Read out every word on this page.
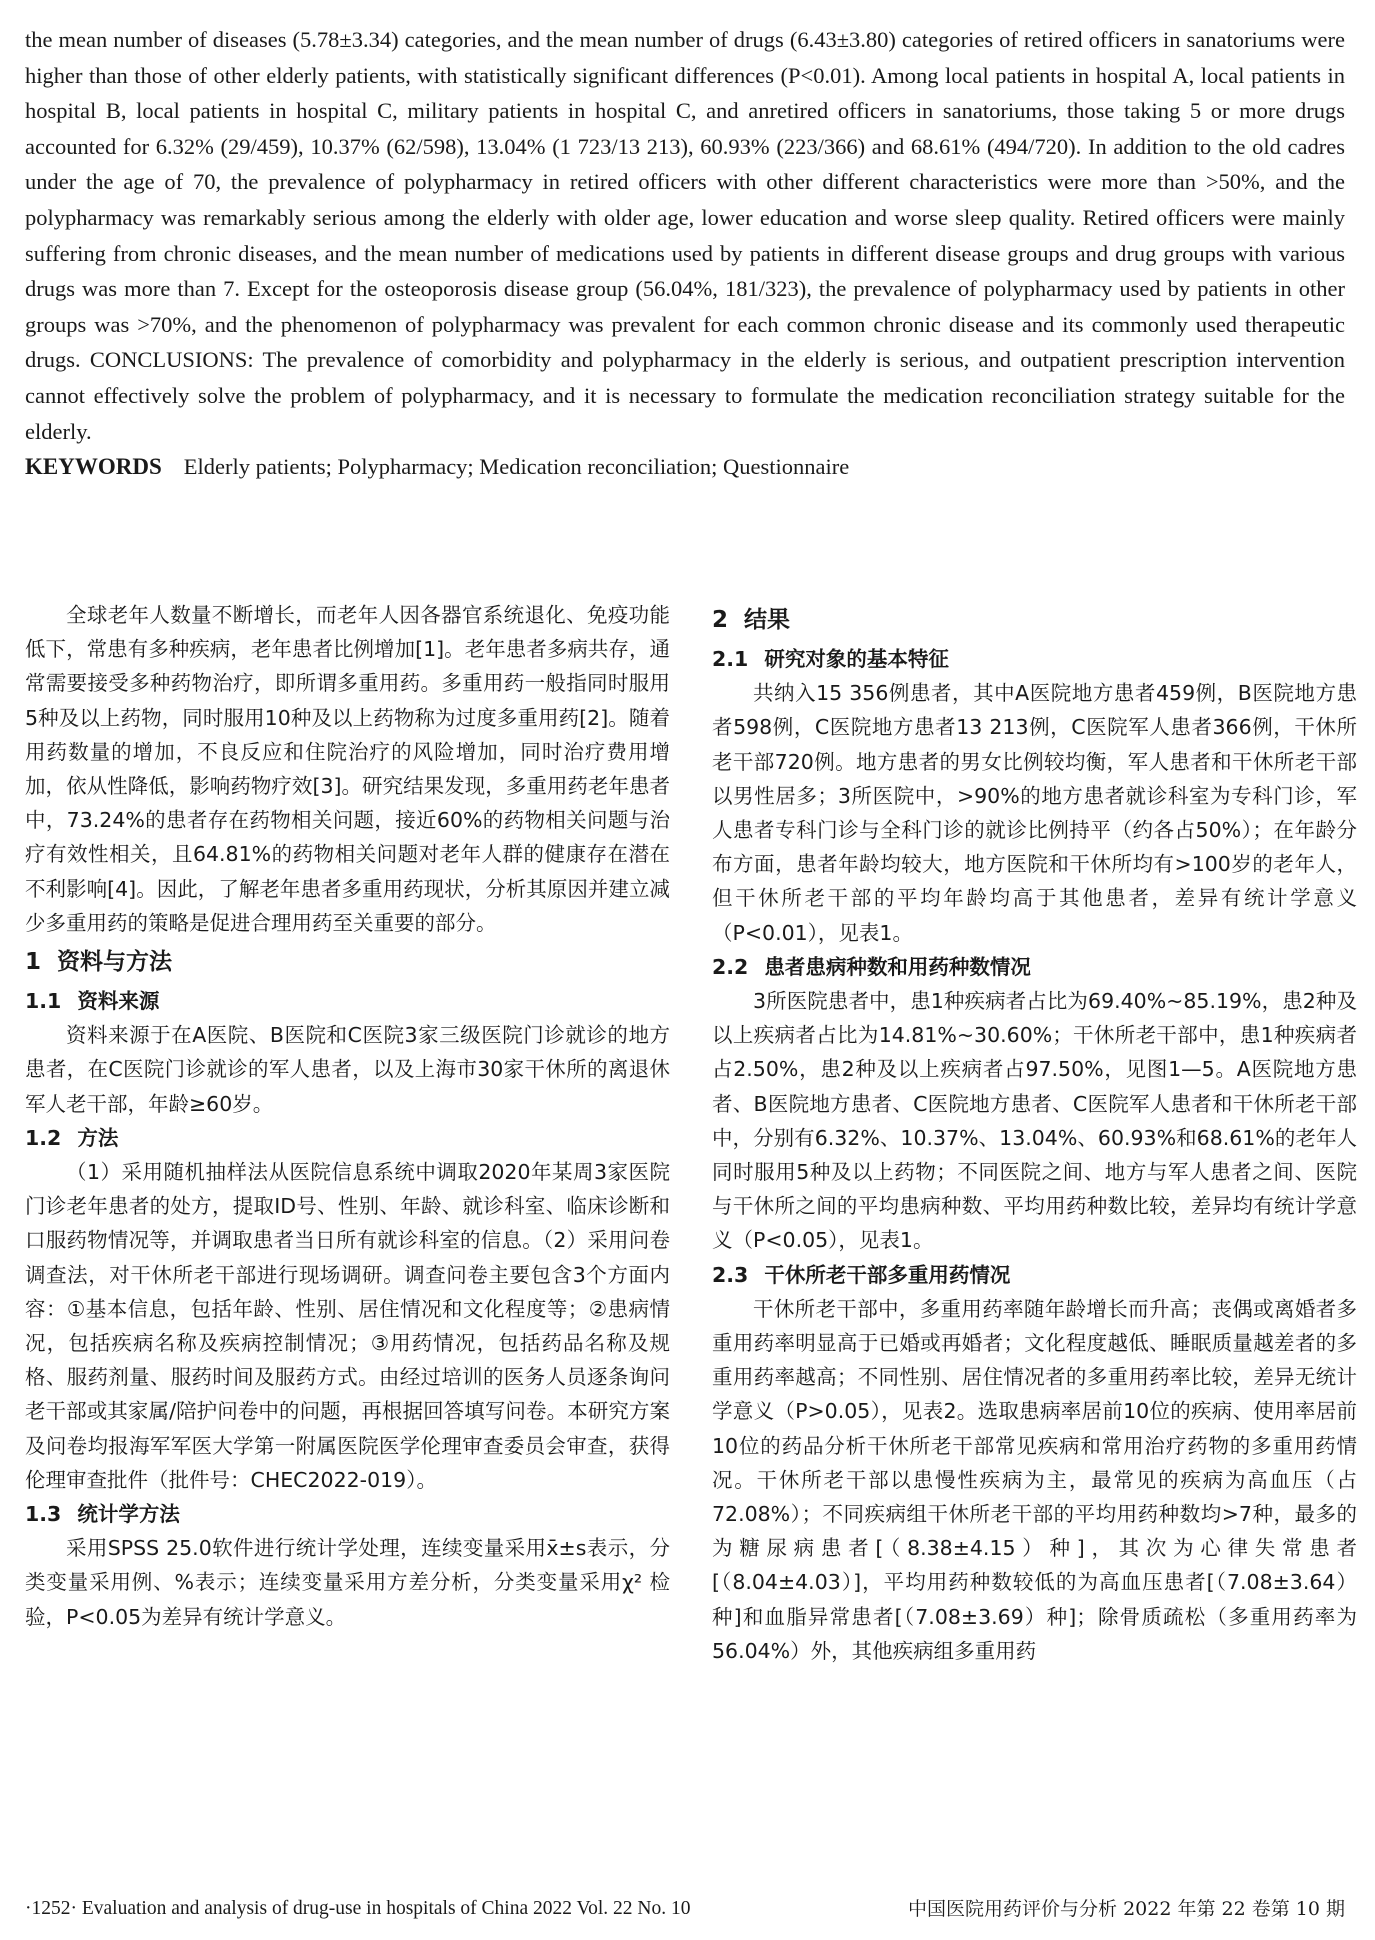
the mean number of diseases (5.78±3.34) categories, and the mean number of drugs (6.43±3.80) categories of retired officers in sanatoriums were higher than those of other elderly patients, with statistically significant differences (P<0.01). Among local patients in hospital A, local patients in hospital B, local patients in hospital C, military patients in hospital C, and anretired officers in sanatoriums, those taking 5 or more drugs accounted for 6.32% (29/459), 10.37% (62/598), 13.04% (1 723/13 213), 60.93% (223/366) and 68.61% (494/720). In addition to the old cadres under the age of 70, the prevalence of polypharmacy in retired officers with other different characteristics were more than >50%, and the polypharmacy was remarkably serious among the elderly with older age, lower education and worse sleep quality. Retired officers were mainly suffering from chronic diseases, and the mean number of medications used by patients in different disease groups and drug groups with various drugs was more than 7. Except for the osteoporosis disease group (56.04%, 181/323), the prevalence of polypharmacy used by patients in other groups was >70%, and the phenomenon of polypharmacy was prevalent for each common chronic disease and its commonly used therapeutic drugs. CONCLUSIONS: The prevalence of comorbidity and polypharmacy in the elderly is serious, and outpatient prescription intervention cannot effectively solve the problem of polypharmacy, and it is necessary to formulate the medication reconciliation strategy suitable for the elderly.

KEYWORDS Elderly patients; Polypharmacy; Medication reconciliation; Questionnaire

全球老年人数量不断增长，而老年人因各器官系统退化、免疫功能低下，常患有多种疾病，老年患者比例增加[1]。老年患者多病共存，通常需要接受多种药物治疗，即所谓多重用药。多重用药一般指同时服用5种及以上药物，同时服用10种及以上药物称为过度多重用药[2]。随着用药数量的增加，不良反应和住院治疗的风险增加，同时治疗费用增加，依从性降低，影响药物疗效[3]。研究结果发现，多重用药老年患者中，73.24%的患者存在药物相关问题，接近60%的药物相关问题与治疗有效性相关，且64.81%的药物相关问题对老年人群的健康存在潜在不利影响[4]。因此，了解老年患者多重用药现状，分析其原因并建立减少多重用药的策略是促进合理用药至关重要的部分。

1 资料与方法
1.1 资料来源

资料来源于在A医院、B医院和C医院3家三级医院门诊就诊的地方患者，在C医院门诊就诊的军人患者，以及上海市30家干休所的离退休军人老干部，年龄≥60岁。

1.2 方法

（1）采用随机抽样法从医院信息系统中调取2020年某周3家医院门诊老年患者的处方，提取ID号、性别、年龄、就诊科室、临床诊断和口服药物情况等，并调取患者当日所有就诊科室的信息。（2）采用问卷调查法，对干休所老干部进行现场调研。调查问卷主要包含3个方面内容：①基本信息，包括年龄、性别、居住情况和文化程度等；②患病情况，包括疾病名称及疾病控制情况；③用药情况，包括药品名称及规格、服药剂量、服药时间及服药方式。由经过培训的医务人员逐条询问老干部或其家属/陪护问卷中的问题，再根据回答填写问卷。本研究方案及问卷均报海军军医大学第一附属医院医学伦理审查委员会审查，获得伦理审查批件（批件号：CHEC2022-019）。

1.3 统计学方法

采用SPSS 25.0软件进行统计学处理，连续变量采用x̄±s表示，分类变量采用例、%表示；连续变量采用方差分析，分类变量采用χ² 检验，P<0.05为差异有统计学意义。

2 结果
2.1 研究对象的基本特征

共纳入15 356例患者，其中A医院地方患者459例，B医院地方患者598例，C医院地方患者13 213例，C医院军人患者366例，干休所老干部720例。地方患者的男女比例较均衡，军人患者和干休所老干部以男性居多；3所医院中，>90%的地方患者就诊科室为专科门诊，军人患者专科门诊与全科门诊的就诊比例持平（约各占50%）；在年龄分布方面，患者年龄均较大，地方医院和干休所均有>100岁的老年人，但干休所老干部的平均年龄均高于其他患者，差异有统计学意义（P<0.01），见表1。

2.2 患者患病种数和用药种数情况

3所医院患者中，患1种疾病者占比为69.40%~85.19%，患2种及以上疾病者占比为14.81%~30.60%；干休所老干部中，患1种疾病者占2.50%，患2种及以上疾病者占97.50%，见图1—5。A医院地方患者、B医院地方患者、C医院地方患者、C医院军人患者和干休所老干部中，分别有6.32%、10.37%、13.04%、60.93%和68.61%的老年人同时服用5种及以上药物；不同医院之间、地方与军人患者之间、医院与干休所之间的平均患病种数、平均用药种数比较，差异均有统计学意义（P<0.05），见表1。

2.3 干休所老干部多重用药情况

干休所老干部中，多重用药率随年龄增长而升高；丧偶或离婚者多重用药率明显高于已婚或再婚者；文化程度越低、睡眠质量越差者的多重用药率越高；不同性别、居住情况者的多重用药率比较，差异无统计学意义（P>0.05），见表2。选取患病率居前10位的疾病、使用率居前10位的药品分析干休所老干部常见疾病和常用治疗药物的多重用药情况。干休所老干部以患慢性疾病为主，最常见的疾病为高血压（占72.08%）；不同疾病组干休所老干部的平均用药种数均>7种，最多的为糖尿病患者[（8.38±4.15）种]，其次为心律失常患者[（8.04±4.03）]，平均用药种数较低的为高血压患者[（7.08±3.64）种]和血脂异常患者[（7.08±3.69）种]；除骨质疏松（多重用药率为56.04%）外，其他疾病组多重用药

·1252· Evaluation and analysis of drug-use in hospitals of China 2022 Vol. 22 No. 10	中国医院用药评价与分析 2022 年第 22 卷第 10 期
